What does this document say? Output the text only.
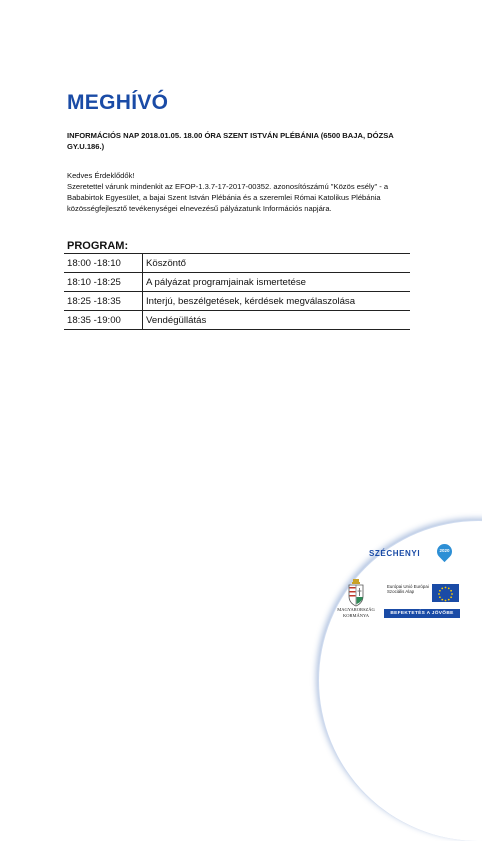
MEGHÍVÓ
INFORMÁCIÓS NAP 2018.01.05. 18.00 ÓRA SZENT ISTVÁN PLÉBÁNIA (6500 BAJA, DÓZSA GY.U.186.)

Kedves Érdeklődők!

Szeretettel várunk mindenkit az EFOP-1.3.7-17-2017-00352. azonosítószámú "Közös esély" - a Bababirtok Egyesület, a bajai Szent István Plébánia és a szeremlei Római Katolikus Plébánia közösségfejlesztő tevékenységei elnevezésű pályázatunk Információs napjára.

PROGRAM:
18:00 -18:10	Köszöntő
18:10 -18:25	A pályázat programjainak ismertetése
18:25 -18:35	Interjú, beszélgetések, kérdések megválaszolása
18:35 -19:00	Vendégüllátás
SZÉCHENYI	2020
MAGYARORSZÁG KORMÁNYA
Európai Unió Európai Szociális Alap
BEFEKTETÉS A JÖVŐBE
